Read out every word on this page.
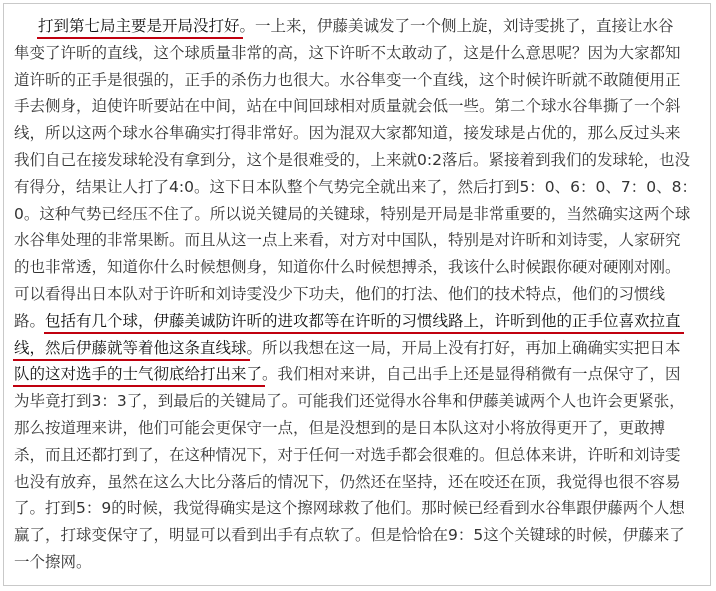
打到第七局主要是开局没打好。一上来，伊藤美诚发了一个侧上旋，刘诗雯挑了，直接让水谷
隼变了许昕的直线，这个球质量非常的高，这下许昕不太敢动了，这是什么意思呢？因为大家都知
道许昕的正手是很强的，正手的杀伤力也很大。水谷隼变一个直线，这个时候许昕就不敢随便用正
手去侧身，迫使许昕要站在中间，站在中间回球相对质量就会低一些。第二个球水谷隼撕了一个斜
线，所以这两个球水谷隼确实打得非常好。因为混双大家都知道，接发球是占优的，那么反过头来
我们自己在接发球轮没有拿到分，这个是很难受的，上来就0:2落后。紧接着到我们的发球轮，也没
有得分，结果让人打了4:0。这下日本队整个气势完全就出来了，然后打到5：0、6：0、7：0、8：
0。这种气势已经压不住了。所以说关键局的关键球，特别是开局是非常重要的，当然确实这两个球
水谷隼处理的非常果断。而且从这一点上来看，对方对中国队，特别是对许昕和刘诗雯，人家研究
的也非常透，知道你什么时候想侧身，知道你什么时候想搏杀，我该什么时候跟你硬对硬刚对刚。
可以看得出日本队对于许昕和刘诗雯没少下功夫，他们的打法、他们的技术特点，他们的习惯线
路。包括有几个球，伊藤美诚防许昕的进攻都等在许昕的习惯线路上，许昕到他的正手位喜欢拉直
线，然后伊藤就等着他这条直线球。所以我想在这一局，开局上没有打好，再加上确确实实把日本
队的这对选手的士气彻底给打出来了。我们相对来讲，自己出手上还是显得稍微有一点保守了，因
为毕竟打到3：3了，到最后的关键局了。可能我们还觉得水谷隼和伊藤美诚两个人也许会更紧张，
那么按道理来讲，他们可能会更保守一点，但是没想到的是日本队这对小将放得更开了，更敢搏
杀，而且还都打到了，在这种情况下，对于任何一对选手都会很难的。但总体来讲，许昕和刘诗雯
也没有放弃，虽然在这么大比分落后的情况下，仍然还在坚持，还在咬还在顶，我觉得也很不容易
了。打到5：9的时候，我觉得确实是这个擦网球救了他们。那时候已经看到水谷隼跟伊藤两个人想
赢了，打球变保守了，明显可以看到出手有点软了。但是恰恰在9：5这个关键球的时候，伊藤来了
一个擦网。
